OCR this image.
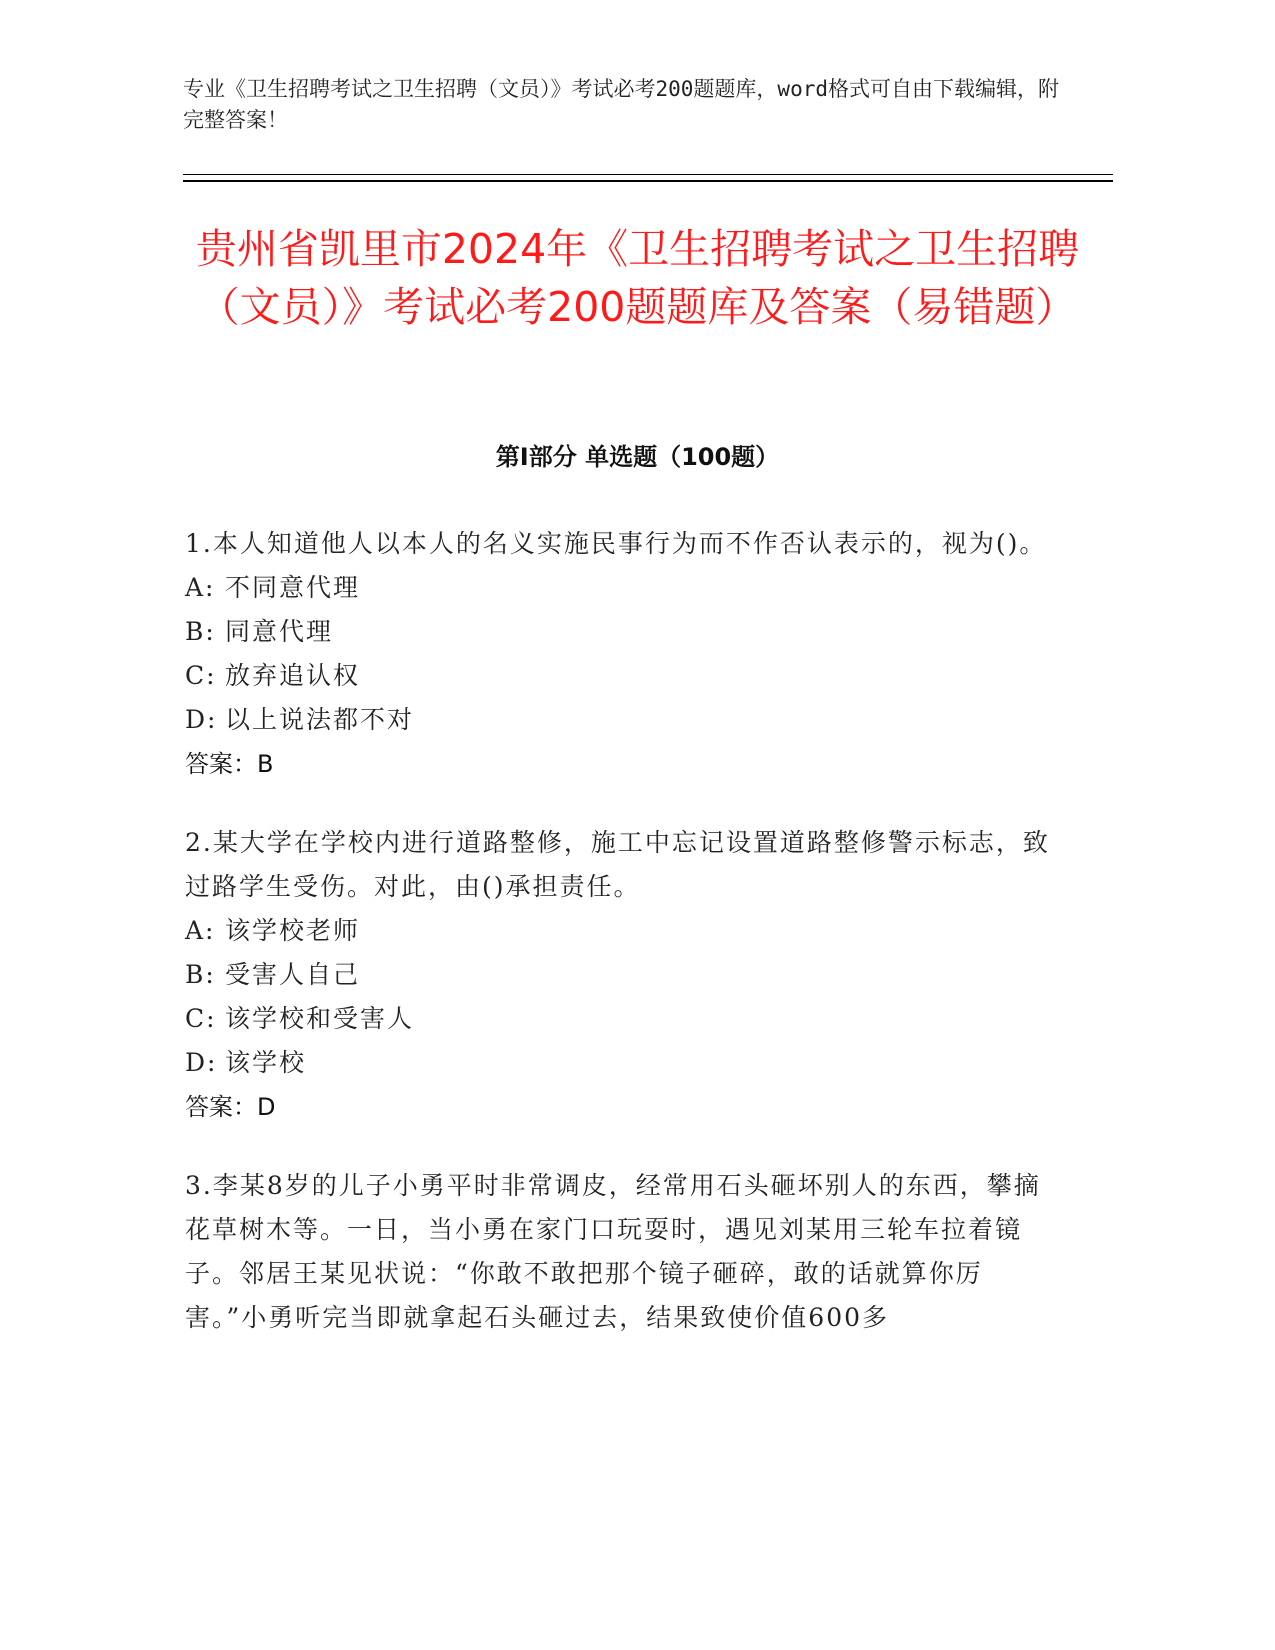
专业《卫生招聘考试之卫生招聘（文员）》考试必考200题题库，word格式可自由下载编辑，附完整答案！
贵州省凯里市2024年《卫生招聘考试之卫生招聘（文员）》考试必考200题题库及答案（易错题）
第Ⅰ部分 单选题（100题）
1.本人知道他人以本人的名义实施民事行为而不作否认表示的，视为()。
A: 不同意代理
B: 同意代理
C: 放弃追认权
D: 以上说法都不对
答案：B
2.某大学在学校内进行道路整修，施工中忘记设置道路整修警示标志，致过路学生受伤。对此，由()承担责任。
A: 该学校老师
B: 受害人自己
C: 该学校和受害人
D: 该学校
答案：D
3.李某8岁的儿子小勇平时非常调皮，经常用石头砸坏别人的东西，攀摘花草树木等。一日，当小勇在家门口玩耍时，遇见刘某用三轮车拉着镜子。邻居王某见状说：“你敢不敢把那个镜子砸碎，敢的话就算你厉害。”小勇听完当即就拿起石头砸过去，结果致使价值600多
